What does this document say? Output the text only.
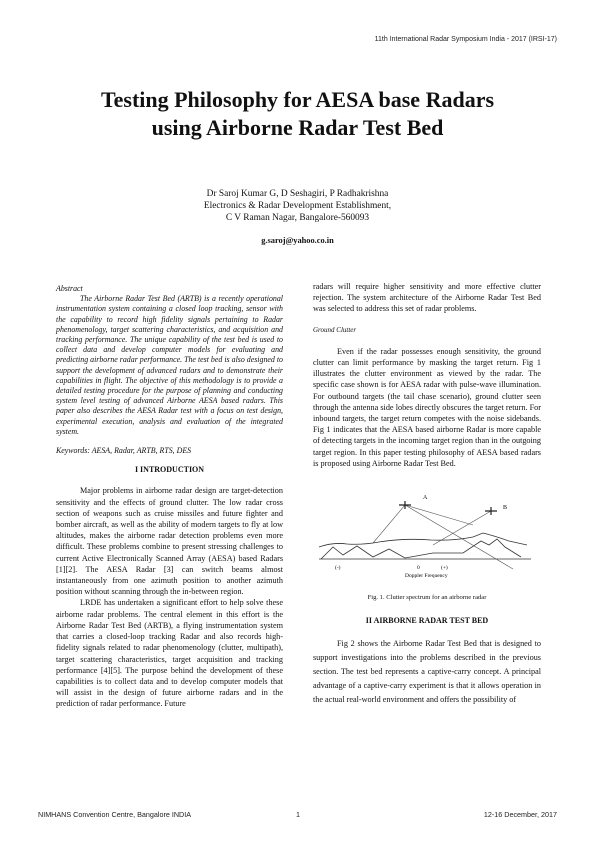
11th International Radar Symposium India - 2017 (IRSI-17)
Testing Philosophy for AESA base Radars
using Airborne Radar Test Bed
Dr Saroj Kumar G, D Seshagiri, P Radhakrishna
Electronics & Radar Development Establishment,
C V Raman Nagar, Bangalore-560093
g.saroj@yahoo.co.in
Abstract

The Airborne Radar Test Bed (ARTB) is a recently operational instrumentation system containing a closed loop tracking, sensor with the capability to record high fidelity signals pertaining to Radar phenomenology, target scattering characteristics, and acquisition and tracking performance. The unique capability of the test bed is used to collect data and develop computer models for evaluating and predicting airborne radar performance. The test bed is also designed to support the development of advanced radars and to demonstrate their capabilities in flight. The objective of this methodology is to provide a detailed testing procedure for the purpose of planning and conducting system level testing of advanced Airborne AESA based radars. This paper also describes the AESA Radar test with a focus on test design, experimental execution, analysis and evaluation of the integrated system.

Keywords: AESA, Radar, ARTB, RTS, DES
I INTRODUCTION

Major problems in airborne radar design are target-detection sensitivity and the effects of ground clutter. The low radar cross section of weapons such as cruise missiles and future fighter and bomber aircraft, as well as the ability of modern targets to fly at low altitudes, makes the airborne radar detection problems even more difficult. These problems combine to present stressing challenges to current Active Electronically Scanned Array (AESA) based Radars [1][2]. The AESA Radar [3] can switch beams almost instantaneously from one azimuth position to another azimuth position without scanning through the in-between region.

LRDE has undertaken a significant effort to help solve these airborne radar problems. The central element in this effort is the Airborne Radar Test Bed (ARTB), a flying instrumentation system that carries a closed-loop tracking Radar and also records high-fidelity signals related to radar phenomenology (clutter, multipath), target scattering characteristics, target acquisition and tracking performance [4][5]. The purpose behind the development of these capabilities is to collect data and to develop computer models that will assist in the design of future airborne radars and in the prediction of radar performance. Future

radars will require higher sensitivity and more effective clutter rejection. The system architecture of the Airborne Radar Test Bed was selected to address this set of radar problems.

Ground Clutter

Even if the radar possesses enough sensitivity, the ground clutter can limit performance by masking the target return. Fig 1 illustrates the clutter environment as viewed by the radar. The specific case shown is for AESA radar with pulse-wave illumination. For outbound targets (the tail chase scenario), ground clutter seen through the antenna side lobes directly obscures the target return. For inbound targets, the target return competes with the noise sidebands. Fig 1 indicates that the AESA based airborne Radar is more capable of detecting targets in the incoming target region than in the outgoing target region. In this paper testing philosophy of AESA based radars is proposed using Airborne Radar Test Bed.

A
B
(-)	0	(+)
Doppler Frequency
Fig. 1. Clutter spectrum for an airborne radar
II AIRBORNE RADAR TEST BED

Fig 2 shows the Airborne Radar Test Bed that is designed to support investigations into the problems described in the previous section. The test bed represents a captive-carry concept. A principal advantage of a captive-carry experiment is that it allows operation in the actual real-world environment and offers the possibility of

NIMHANS Convention Centre, Bangalore INDIA	1	12-16 December, 2017
